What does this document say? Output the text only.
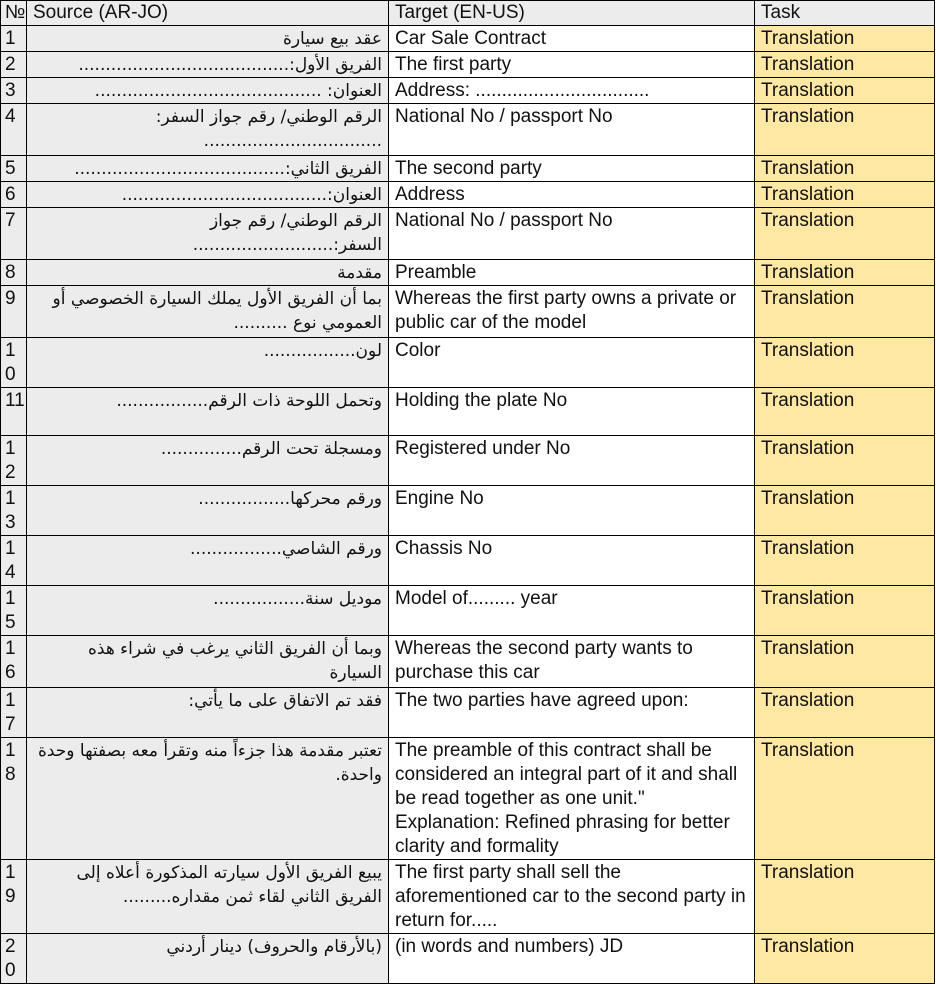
№	Source (AR-JO)	Target (EN-US)	Task
1	عقد بيع سيارة	Car Sale Contract	Translation
2	الفريق الأول:.......................................	The first party	Translation
3	العنوان: ..........................................	Address: .................................	Translation
4	الرقم الوطني/ رقم جواز السفر: .................................	National No / passport No	Translation
5	الفريق الثاني:.......................................	The second party	Translation
6	العنوان:......................................	Address	Translation
7	الرقم الوطني/ رقم جواز السفر:..........................	National No / passport No	Translation
8	مقدمة	Preamble	Translation
9	بما أن الفريق الأول يملك السيارة الخصوصي أو العمومي نوع ..........	Whereas the first party owns a private or public car of the model	Translation
10	لون.................	Color	Translation
11	وتحمل اللوحة ذات الرقم.................	Holding the plate No	Translation
12	ومسجلة تحت الرقم...............	Registered under No	Translation
13	ورقم محركها.................	Engine No	Translation
14	ورقم الشاصي.................	Chassis No	Translation
15	موديل سنة.................	Model of......... year	Translation
16	وبما أن الفريق الثاني يرغب في شراء هذه السيارة	Whereas the second party wants to purchase this car	Translation
17	فقد تم الاتفاق على ما يأتي:	The two parties have agreed upon:	Translation
18	تعتبر مقدمة هذا جزءاً منه وتقرأ معه بصفتها وحدة واحدة.	The preamble of this contract shall be considered an integral part of it and shall be read together as one unit." Explanation: Refined phrasing for better clarity and formality	Translation
19	يبيع الفريق الأول سيارته المذكورة أعلاه إلى الفريق الثاني لقاء ثمن مقداره.........	The first party shall sell the aforementioned car to the second party in return for.....	Translation
20	(بالأرقام والحروف) دينار أردني	(in words and numbers) JD	Translation
